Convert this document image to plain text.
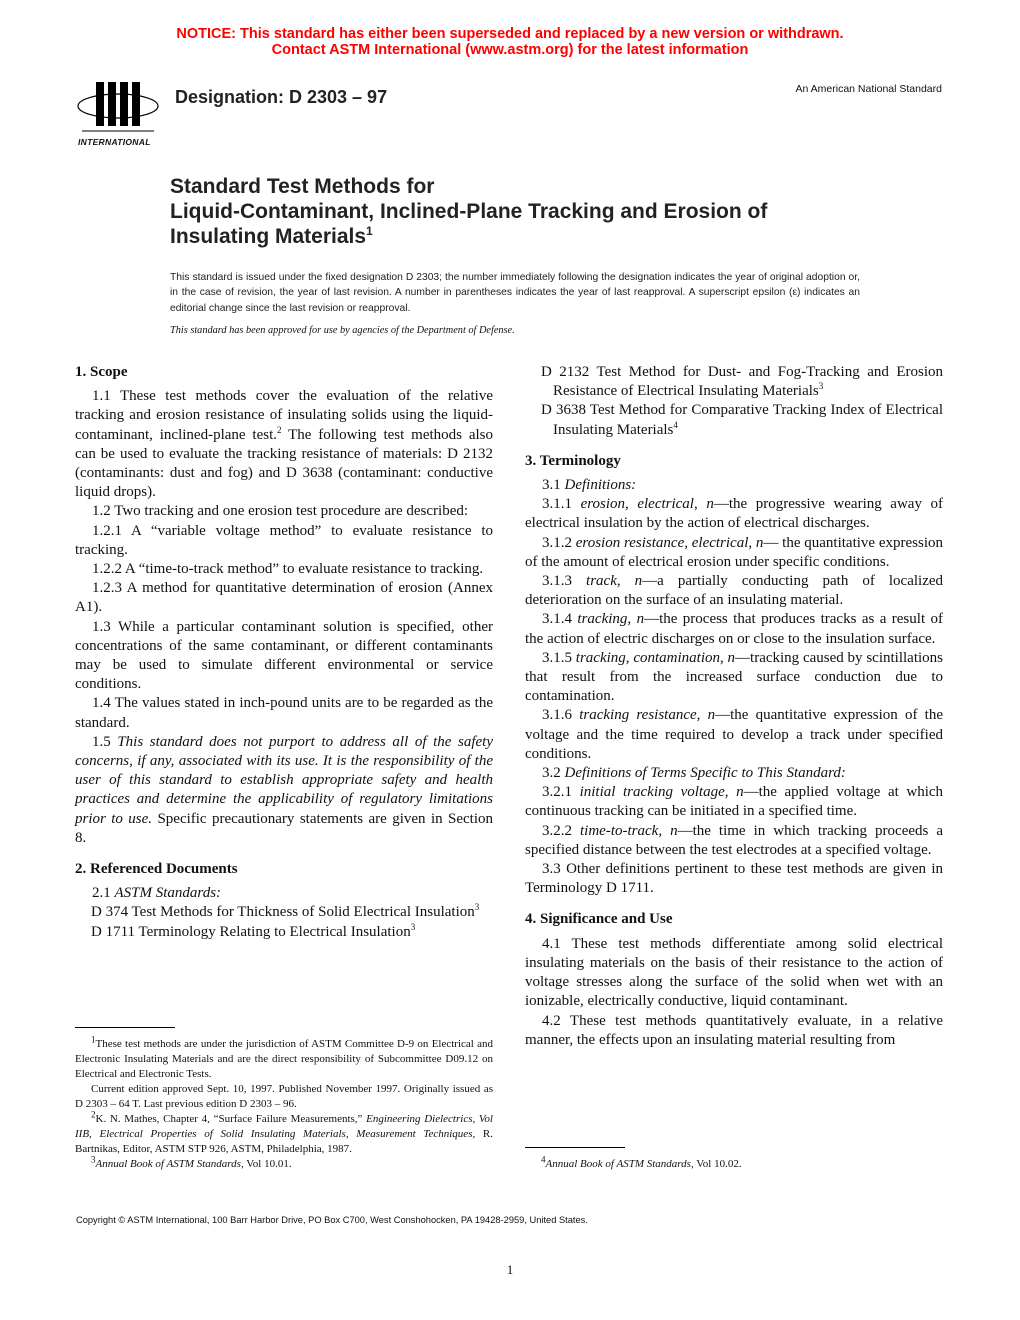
NOTICE: This standard has either been superseded and replaced by a new version or withdrawn.
Contact ASTM International (www.astm.org) for the latest information
INTERNATIONAL
Designation: D 2303 – 97	An American National Standard
Standard Test Methods for
Liquid-Contaminant, Inclined-Plane Tracking and Erosion of
Insulating Materials$^1$
This standard is issued under the fixed designation D 2303; the number immediately following the designation indicates the year of original adoption or, in the case of revision, the year of last revision. A number in parentheses indicates the year of last reapproval. A superscript epsilon (ε) indicates an editorial change since the last revision or reapproval.
This standard has been approved for use by agencies of the Department of Defense.

1. Scope

1.1 These test methods cover the evaluation of the relative tracking and erosion resistance of insulating solids using the liquid-contaminant, inclined-plane test.$^2$ The following test methods also can be used to evaluate the tracking resistance of materials: D 2132 (contaminants: dust and fog) and D 3638 (contaminant: conductive liquid drops).

1.2 Two tracking and one erosion test procedure are described:

1.2.1 A “variable voltage method” to evaluate resistance to tracking.

1.2.2 A “time-to-track method” to evaluate resistance to tracking.

1.2.3 A method for quantitative determination of erosion (Annex A1).

1.3 While a particular contaminant solution is specified, other concentrations of the same contaminant, or different contaminants may be used to simulate different environmental or service conditions.

1.4 The values stated in inch-pound units are to be regarded as the standard.

1.5 This standard does not purport to address all of the safety concerns, if any, associated with its use. It is the responsibility of the user of this standard to establish appropriate safety and health practices and determine the applicability of regulatory limitations prior to use. Specific precautionary statements are given in Section 8.

2. Referenced Documents

2.1 ASTM Standards:

D 374 Test Methods for Thickness of Solid Electrical Insulation$^3$

D 1711 Terminology Relating to Electrical Insulation$^3$

$^1$These test methods are under the jurisdiction of ASTM Committee D-9 on Electrical and Electronic Insulating Materials and are the direct responsibility of Subcommittee D09.12 on Electrical and Electronic Tests.

Current edition approved Sept. 10, 1997. Published November 1997. Originally issued as D 2303 – 64 T. Last previous edition D 2303 – 96.

$^2$K. N. Mathes, Chapter 4, “Surface Failure Measurements,” Engineering Dielectrics, Vol IIB, Electrical Properties of Solid Insulating Materials, Measurement Techniques, R. Bartnikas, Editor, ASTM STP 926, ASTM, Philadelphia, 1987.

$^3$Annual Book of ASTM Standards, Vol 10.01.

D 2132 Test Method for Dust- and Fog-Tracking and Erosion Resistance of Electrical Insulating Materials$^3$

D 3638 Test Method for Comparative Tracking Index of Electrical Insulating Materials$^4$

3. Terminology

3.1 Definitions:

3.1.1 erosion, electrical, n—the progressive wearing away of electrical insulation by the action of electrical discharges.

3.1.2 erosion resistance, electrical, n— the quantitative expression of the amount of electrical erosion under specific conditions.

3.1.3 track, n—a partially conducting path of localized deterioration on the surface of an insulating material.

3.1.4 tracking, n—the process that produces tracks as a result of the action of electric discharges on or close to the insulation surface.

3.1.5 tracking, contamination, n—tracking caused by scintillations that result from the increased surface conduction due to contamination.

3.1.6 tracking resistance, n—the quantitative expression of the voltage and the time required to develop a track under specified conditions.

3.2 Definitions of Terms Specific to This Standard:

3.2.1 initial tracking voltage, n—the applied voltage at which continuous tracking can be initiated in a specified time.

3.2.2 time-to-track, n—the time in which tracking proceeds a specified distance between the test electrodes at a specified voltage.

3.3 Other definitions pertinent to these test methods are given in Terminology D 1711.

4. Significance and Use

4.1 These test methods differentiate among solid electrical insulating materials on the basis of their resistance to the action of voltage stresses along the surface of the solid when wet with an ionizable, electrically conductive, liquid contaminant.

4.2 These test methods quantitatively evaluate, in a relative manner, the effects upon an insulating material resulting from

$^4$Annual Book of ASTM Standards, Vol 10.02.

Copyright © ASTM International, 100 Barr Harbor Drive, PO Box C700, West Conshohocken, PA 19428-2959, United States.
1
